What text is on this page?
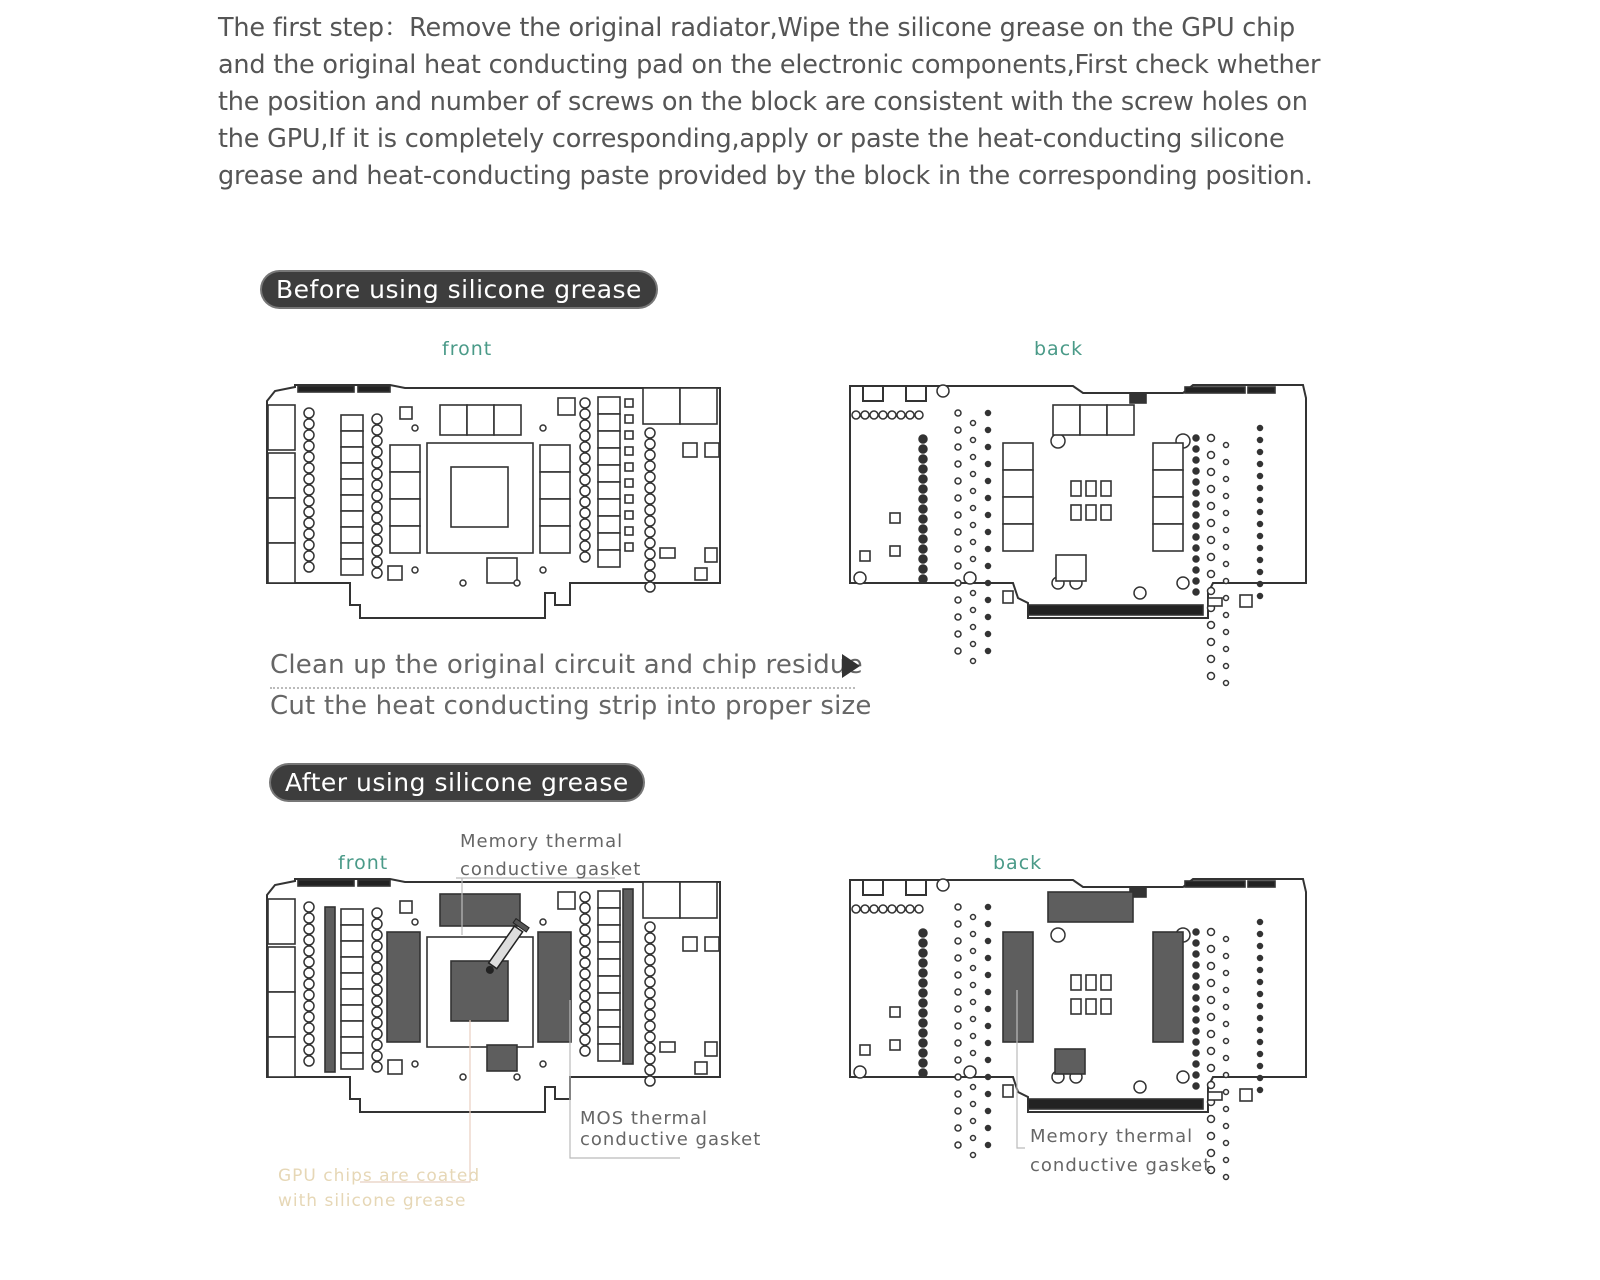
The first step：Remove the original radiator,Wipe the silicone grease on the GPU chip
and the original heat conducting pad on the electronic components,First check whether
the position and number of screws on the block are consistent with the screw holes on
the GPU,If it is completely corresponding,apply or paste the heat-conducting silicone
grease and heat-conducting paste provided by the block in the corresponding position.
Before using silicone grease
front	back
Clean up the original circuit and chip residue
Cut the heat conducting strip into proper size
After using silicone grease
front	back
Memory thermal
conductive gasket
MOS thermal
conductive gasket
GPU chips are coated
with silicone grease
Memory thermal
conductive gasket
